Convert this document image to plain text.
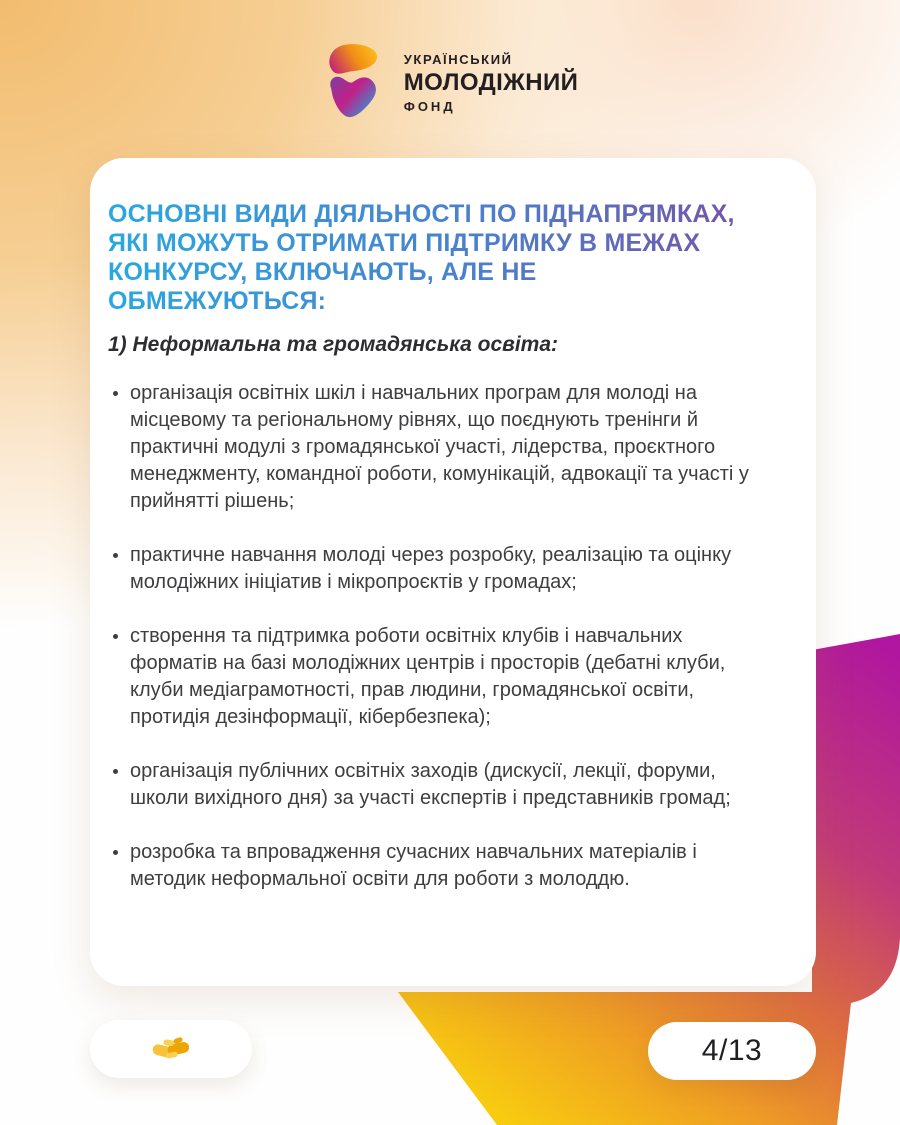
УКРАЇНСЬКИЙ
МОЛОДІЖНИЙ
ФОНД
ОСНОВНІ ВИДИ ДІЯЛЬНОСТІ ПО ПІДНАПРЯМКАХ,
ЯКІ МОЖУТЬ ОТРИМАТИ ПІДТРИМКУ В МЕЖАХ
КОНКУРСУ, ВКЛЮЧАЮТЬ, АЛЕ НЕ
ОБМЕЖУЮТЬСЯ:
1) Неформальна та громадянська освіта:
організація освітніх шкіл і навчальних програм для молоді на місцевому та регіональному рівнях, що поєднують тренінги й практичні модулі з громадянської участі, лідерства, проєктного менеджменту, командної роботи, комунікацій, адвокації та участі у прийнятті рішень;
практичне навчання молоді через розробку, реалізацію та оцінку молодіжних ініціатив і мікропроєктів у громадах;
створення та підтримка роботи освітніх клубів і навчальних форматів на базі молодіжних центрів і просторів (дебатні клуби, клуби медіаграмотності, прав людини, громадянської освіти, протидія дезінформації, кібербезпека);
організація публічних освітніх заходів (дискусії, лекції, форуми, школи вихідного дня) за участі експертів і представників громад;
розробка та впровадження сучасних навчальних матеріалів і методик неформальної освіти для роботи з молоддю.
4/13
